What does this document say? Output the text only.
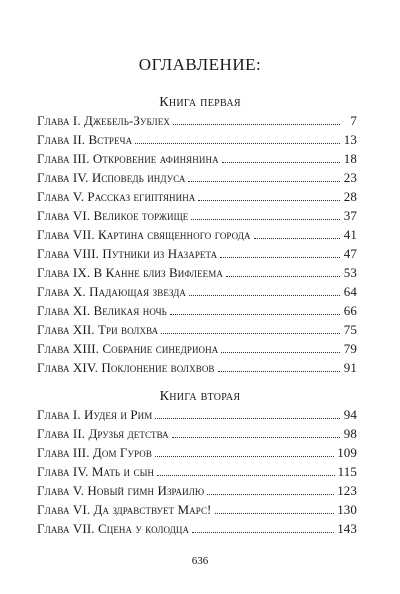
ОГЛАВЛЕНИЕ:
Книга первая
Глава I. Джебель-Зублех	7
Глава II. Встреча	13
Глава III. Откровение афинянина	18
Глава IV. Исповедь индуса	23
Глава V. Рассказ египтянина	28
Глава VI. Великое торжище	37
Глава VII. Картина священного города	41
Глава VIII. Путники из Назарета	47
Глава IX. В Канне близ Вифлеема	53
Глава X. Падающая звезда	64
Глава XI. Великая ночь	66
Глава XII. Три волхва	75
Глава XIII. Собрание синедриона	79
Глава XIV. Поклонение волхвов	91
Книга вторая
Глава I. Иудея и Рим	94
Глава II. Друзья детства	98
Глава III. Дом Гуров	109
Глава IV. Мать и сын	115
Глава V. Новый гимн Израилю	123
Глава VI. Да здравствует Марс!	130
Глава VII. Сцена у колодца	143
636
